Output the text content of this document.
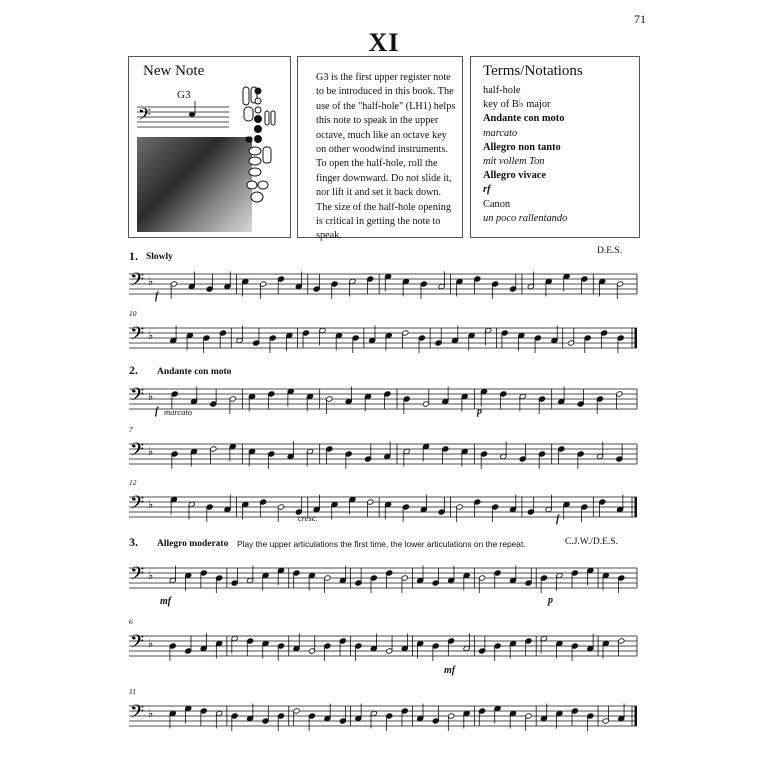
71
XI
New Note
G3
𝄢

G3 is the first upper register note to be introduced in this book. The use of the "half-hole" (LH1) helps this note to speak in the upper octave, much like an octave key on other woodwind instruments. To open the half-hole, roll the finger downward. Do not slide it, nor lift it and set it back down. The size of the half-hole opening is critical in getting the note to speak.

Terms/Notations
half-hole
key of B♭ major
Andante con moto
marcato
Allegro non tanto
mit vollem Ton
Allegro vivace
rf
Canon
un poco rallentando
1. Slowly
D.E.S.
𝄢 ♭
f
10
𝄢 ♭
2. Andante con moto
𝄢 ♭
f marcato	p
7
𝄢 ♭
12
𝄢 ♭
cresc.	f
3. Allegro moderato Play the upper articulations the first time, the lower articulations on the repeat.	C.J.W./D.E.S.
𝄢 ♭
mf	p
6
𝄢 ♭
mf
11
𝄢 ♭
